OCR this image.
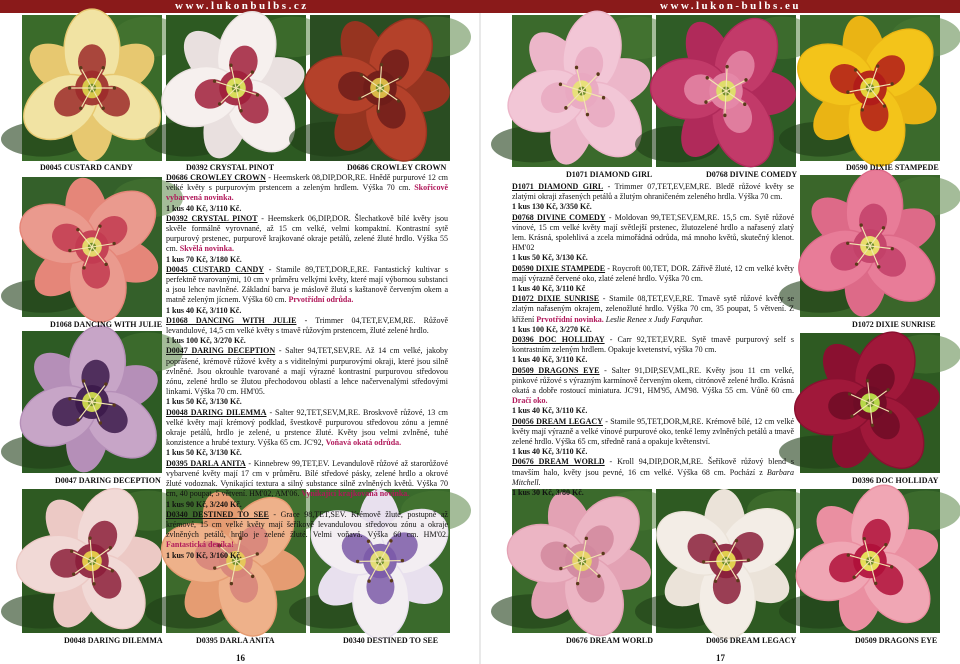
www.lukonbulbs.cz	www.lukon-bulbs.eu
D0045 CUSTARD CANDY	D0392 CRYSTAL PINOT	D0686 CROWLEY CROWN
D1068 DANCING WITH JULIE
D0047 DARING DECEPTION
D0048 DARING DILEMMA	D0395 DARLA ANITA	D0340 DESTINED TO SEE
D1071 DIAMOND GIRL	D0768 DIVINE COMEDY
D0590 DIXIE STAMPEDE
D1072 DIXIE SUNRISE
D0396 DOC HOLLIDAY
D0676 DREAM WORLD	D0056 DREAM LEGACY	D0509 DRAGONS EYE

D0686 CROWLEY CROWN - Heemskerk 08,DIP,DOR,RE. Hnědě purpurové 12 cm velké květy s purpurovým prstencem a zeleným hrdlem. Výška 70 cm. Skořicově vybarvená novinka.

1 kus 40 Kč, 3/110 Kč.

D0392 CRYSTAL PINOT - Heemskerk 06,DIP,DOR. Šlechatkově bílé květy jsou skvěle formálně vyrovnané, až 15 cm velké, velmi kompaktní. Kontrastní sytě purpurový prstenec, purpurově krajkované okraje petálů, zelené žluté hrdlo. Výška 55 cm. Skvělá novinka.

1 kus 70 Kč, 3/180 Kč.

D0045 CUSTARD CANDY - Stamile 89,TET,DOR,E,RE. Fantastický kultivar s perfektně tvarovanými, 10 cm v průměru velkými květy, které mají výbornou substanci a jsou lehce navlněné. Základní barva je máslově žlutá s kaštanově červeným okem a matně zeleným jícnem. Výška 60 cm. Prvotřídní odrůda.

1 kus 40 Kč, 3/110 Kč.

D1068 DANCING WITH JULIE - Trimmer 04,TET,EV,EM,RE. Růžově levandulové, 14,5 cm velké květy s tmavě růžovým prstencem, žluté zelené hrdlo.

1 kus 100 Kč, 3/270 Kč.

D0047 DARING DECEPTION - Salter 94,TET,SEV,RE. Až 14 cm velké, jakoby poprášené, krémově růžové květy a s viditelnými purpurovými okraji, které jsou silně zvlněné. Jsou okrouhle tvarované a mají výrazné kontrastní purpurovou středovou zónu, zelené hrdlo se žlutou přechodovou oblastí a lehce načervenalými středovými linkami. Výška 70 cm. HM'05.

1 kus 50 Kč, 3/130 Kč.

D0048 DARING DILEMMA - Salter 92,TET,SEV,M,RE. Broskvově růžové, 13 cm velké květy mají krémový podklad, švestkově purpurovou středovou zónu a jemné okraje petálů, hrdlo je zelené, u prstence žluté. Květy jsou velmi zvlněné, tuhé konzistence a hrubé textury. Výška 65 cm. JC'92, Voňavá okatá odrůda.

1 kus 50 Kč, 3/130 Kč.

D0395 DARLA ANITA - Kinnebrew 99,TET,EV. Levandulově růžové až starorůžové vybarvené květy mají 17 cm v průměru. Bílé středové pásky, zelené hrdlo a okrové žluté vodoznak. Vynikající textura a silný substance silně zvlněných květů. Výška 70 cm, 40 poupat, 5 větvení. HM'02, AM'06. Vynikající krajkovaná novinka.

1 kus 90 Kč, 3/240 Kč.

D0340 DESTINED TO SEE - Grace 98,TET,SEV. Krémově žluté, postupně až krémové, 15 cm velké květy mají šeříkově levandulovou středovou zónu a okraje zvlněných petálů, hrdlo je zelené žluté. Velmi voňavá. Výška 60 cm. HM'02. Fantastická deníka!

1 kus 70 Kč, 3/160 Kč.

D1071 DIAMOND GIRL - Trimmer 07,TET,EV,EM,RE. Bledě růžové květy se zlatými okraji zřasených petálů a žlutým ohraničeném zeleného hrdla. Výška 70 cm.

1 kus 130 Kč, 3/350 Kč.

D0768 DIVINE COMEDY - Moldovan 99,TET,SEV,EM,RE. 15,5 cm. Sytě růžové vínové, 15 cm velké květy mají světlejší prstenec, žlutozelené hrdlo a nařasený zlatý lem. Krásná, spolehlivá a zcela mimořádná odrůda, má mnoho květů, skutečný klenot. HM'02

1 kus 50 Kč, 3/130 Kč.

D0590 DIXIE STAMPEDE - Roycroft 00,TET, DOR. Zářivě žluté, 12 cm velké květy mají výrazně červené oko, zlaté zelené hrdlo. Výška 70 cm.

1 kus 40 Kč, 3/110 Kč

D1072 DIXIE SUNRISE - Stamile 08,TET,EV,E,RE. Tmavě sytě růžové květy se zlatým nařaseným okrajem, zelenožluté hrdlo. Výška 70 cm, 35 poupat, 5 větvení. Z křížení Prvotřídní novinka. Leslie Renee x Judy Farquhar.

1 kus 100 Kč, 3/270 Kč.

D0396 DOC HOLLIDAY - Carr 92,TET,EV,RE. Sytě tmavě purpurový self s kontrastním zeleným hrdlem. Opakuje kvetenství, výška 70 cm.

1 kus 40 Kč, 3/110 Kč.

D0509 DRAGONS EYE - Salter 91,DIP,SEV,ML,RE. Květy jsou 11 cm velké, pinkové růžové s výrazným karmínově červeným okem, citrónově zelené hrdlo. Krásná okatá a dobře rostoucí miniatura. JC'91, HM'95, AM'98. Výška 55 cm. Vůně 60 cm. Dračí oko.

1 kus 40 Kč, 3/110 Kč.

D0056 DREAM LEGACY - Stamile 95,TET,DOR,M,RE. Krémově bílé, 12 cm velké květy mají výrazně a velké vínové purpurové oko, tenké lemy zvlněných petálů a tmavě zelené hrdlo. Výška 65 cm, středně raná a opakuje květenství.

1 kus 40 Kč, 3/110 Kč.

D0676 DREAM WORLD - Kroll 94,DIP,DOR,M,RE. Šeříkově růžový blend s tmavším halo, květy jsou pevné, 16 cm velké. Výška 68 cm. Pochází z Barbara Mitchell.

1 kus 30 Kč, 3/80 Kč.

16	17
